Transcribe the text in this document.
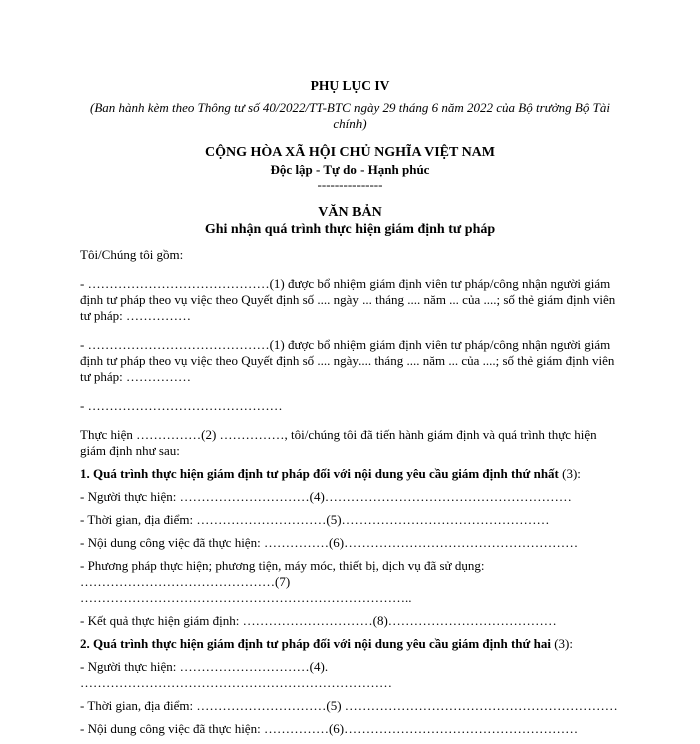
PHỤ LỤC IV
(Ban hành kèm theo Thông tư số 40/2022/TT-BTC ngày 29 tháng 6 năm 2022 của Bộ trưởng Bộ Tài chính)
CỘNG HÒA XÃ HỘI CHỦ NGHĨA VIỆT NAM
Độc lập - Tự do - Hạnh phúc
---------------
VĂN BẢN
Ghi nhận quá trình thực hiện giám định tư pháp

Tôi/Chúng tôi gồm:

- ……………………………………(1) được bổ nhiệm giám định viên tư pháp/công nhận người giám định tư pháp theo vụ việc theo Quyết định số .... ngày ... tháng .... năm ... của ....; số thẻ giám định viên tư pháp: ……………

- ……………………………………(1) được bổ nhiệm giám định viên tư pháp/công nhận người giám định tư pháp theo vụ việc theo Quyết định số .... ngày.... tháng .... năm ... của ....; số thẻ giám định viên tư pháp: ……………

- ………………………………………

Thực hiện ……………(2) ……………, tôi/chúng tôi đã tiến hành giám định và quá trình thực hiện giám định như sau:

1. Quá trình thực hiện giám định tư pháp đối với nội dung yêu cầu giám định thứ nhất (3):
- Người thực hiện: …………………………(4)…………………………………………………
- Thời gian, địa điểm: …………………………(5)…………………………………………
- Nội dung công việc đã thực hiện: ……………(6)………………………………………………

- Phương pháp thực hiện; phương tiện, máy móc, thiết bị, dịch vụ đã sử dụng: ………………………………………(7) …………………………………………………………………..

- Kết quả thực hiện giám định: …………………………(8)…………………………………
2. Quá trình thực hiện giám định tư pháp đối với nội dung yêu cầu giám định thứ hai (3):
- Người thực hiện: …………………………(4). ………………………………………………………………
- Thời gian, địa điểm: …………………………(5) ………………………………………………………
- Nội dung công việc đã thực hiện: ……………(6)………………………………………………
